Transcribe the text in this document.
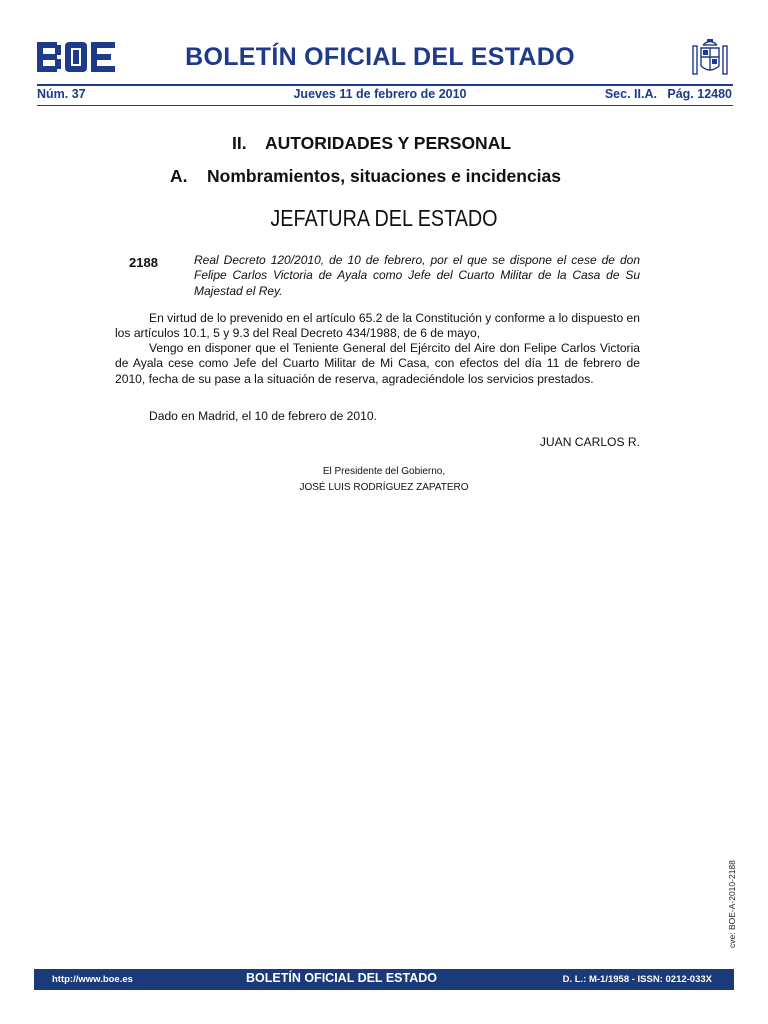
BOLETÍN OFICIAL DEL ESTADO
Núm. 37	Jueves 11 de febrero de 2010	Sec. II.A.   Pág. 12480
II. AUTORIDADES Y PERSONAL
A. Nombramientos, situaciones e incidencias
JEFATURA DEL ESTADO
2188	Real Decreto 120/2010, de 10 de febrero, por el que se dispone el cese de don Felipe Carlos Victoria de Ayala como Jefe del Cuarto Militar de la Casa de Su Majestad el Rey.
En virtud de lo prevenido en el artículo 65.2 de la Constitución y conforme a lo dispuesto en los artículos 10.1, 5 y 9.3 del Real Decreto 434/1988, de 6 de mayo,
Vengo en disponer que el Teniente General del Ejército del Aire don Felipe Carlos Victoria de Ayala cese como Jefe del Cuarto Militar de Mi Casa, con efectos del día 11 de febrero de 2010, fecha de su pase a la situación de reserva, agradeciéndole los servicios prestados.
Dado en Madrid, el 10 de febrero de 2010.
JUAN CARLOS R.
El Presidente del Gobierno,
JOSÉ LUIS RODRÍGUEZ ZAPATERO
cve: BOE-A-2010-2188
http://www.boe.es	BOLETÍN OFICIAL DEL ESTADO	D. L.: M-1/1958 - ISSN: 0212-033X
